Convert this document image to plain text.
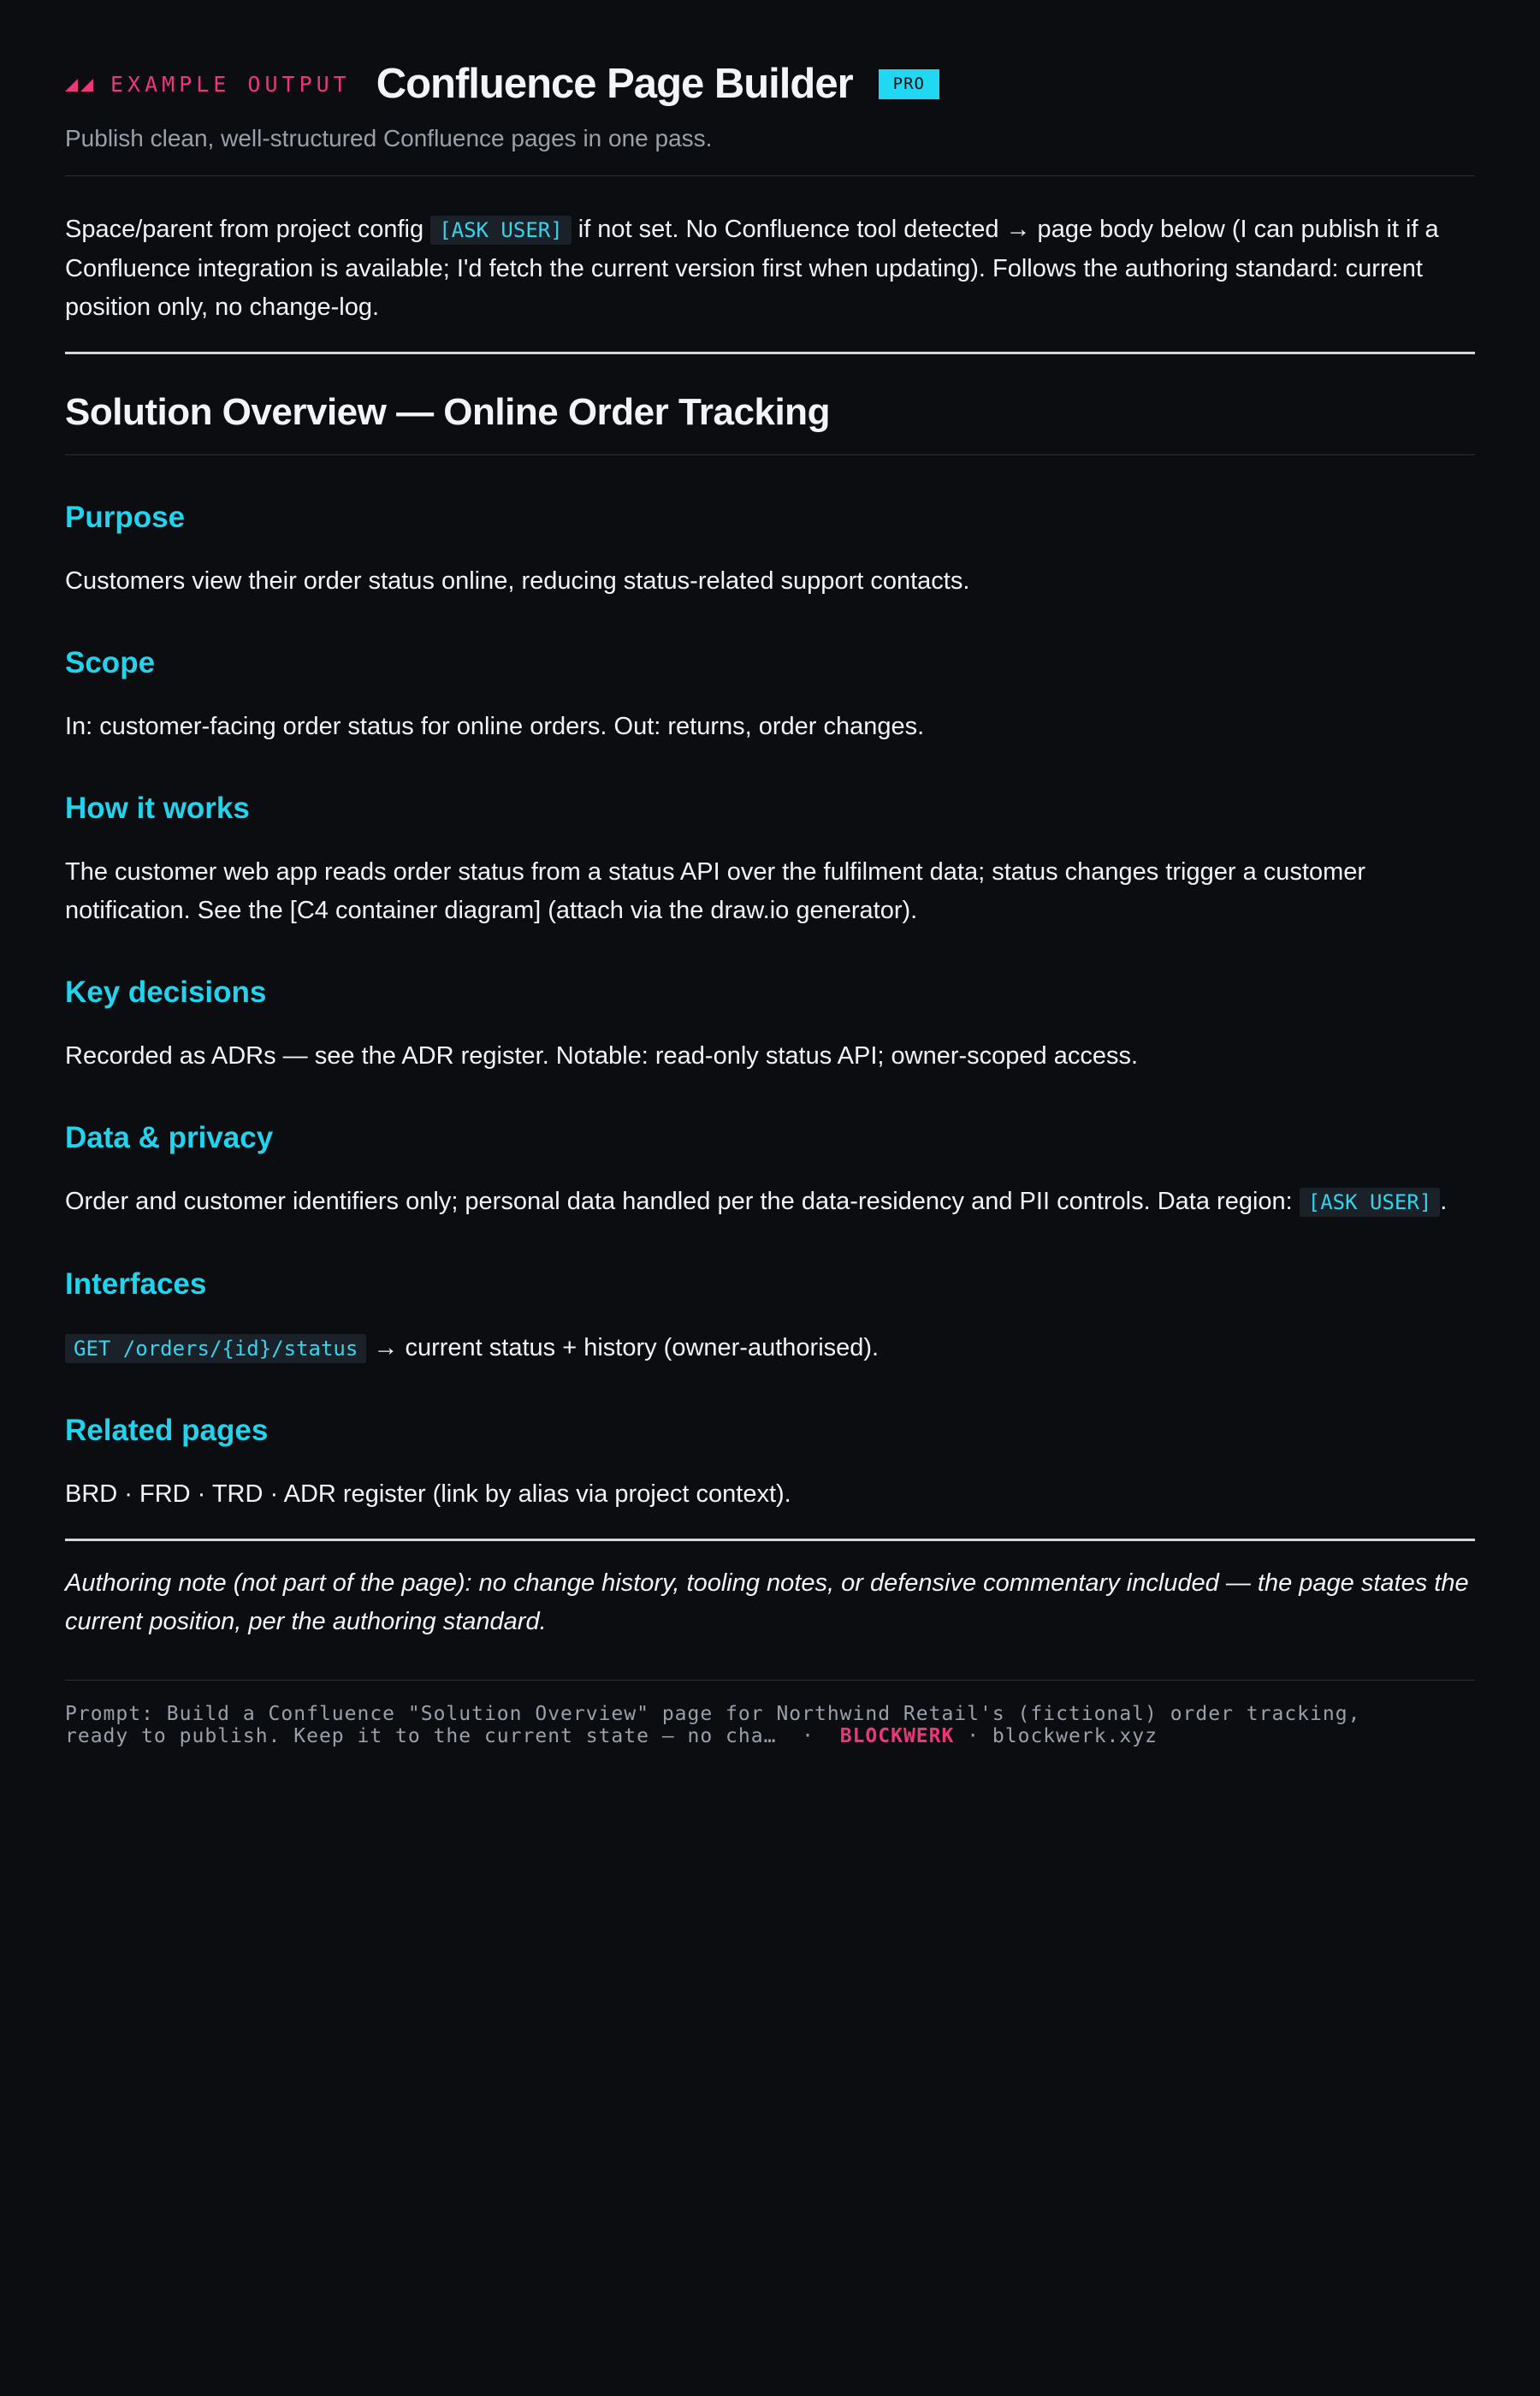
EXAMPLE OUTPUT Confluence Page Builder	PRO
Publish clean, well-structured Confluence pages in one pass.

Space/parent from project config [ASK USER] if not set. No Confluence tool detected → page body below (I can publish it if a Confluence integration is available; I'd fetch the current version first when updating). Follows the authoring standard: current position only, no change-log.

Solution Overview — Online Order Tracking
Purpose

Customers view their order status online, reducing status-related support contacts.

Scope

In: customer-facing order status for online orders. Out: returns, order changes.

How it works

The customer web app reads order status from a status API over the fulfilment data; status changes trigger a customer notification. See the [C4 container diagram] (attach via the draw.io generator).

Key decisions

Recorded as ADRs — see the ADR register. Notable: read-only status API; owner-scoped access.

Data & privacy

Order and customer identifiers only; personal data handled per the data-residency and PII controls. Data region: [ASK USER] .

Interfaces

GET /orders/{id}/status → current status + history (owner-authorised).

Related pages

BRD · FRD · TRD · ADR register (link by alias via project context).

Authoring note (not part of the page): no change history, tooling notes, or defensive commentary included — the page states the current position, per the authoring standard.

Prompt: Build a Confluence "Solution Overview" page for Northwind Retail's (fictional) order tracking,
ready to publish. Keep it to the current state — no cha… · BLOCKWERK · blockwerk.xyz
